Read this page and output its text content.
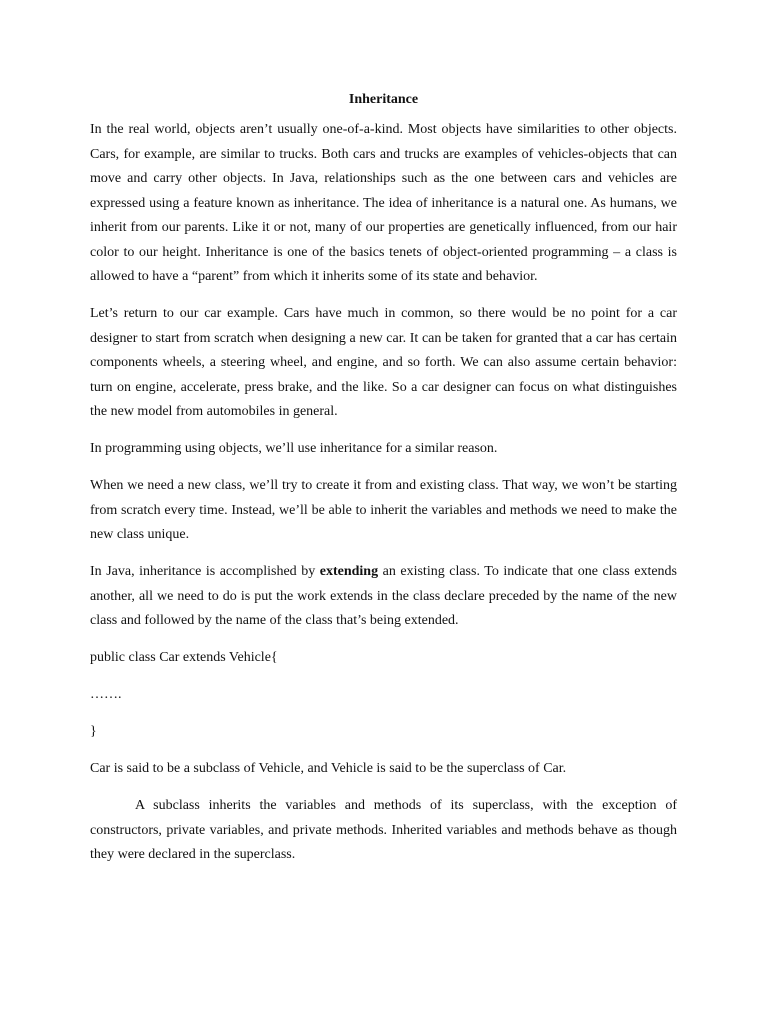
Inheritance

In the real world, objects aren’t usually one-of-a-kind. Most objects have similarities to other objects. Cars, for example, are similar to trucks. Both cars and trucks are examples of vehicles-objects that can move and carry other objects. In Java, relationships such as the one between cars and vehicles are expressed using a feature known as inheritance. The idea of inheritance is a natural one. As humans, we inherit from our parents. Like it or not, many of our properties are genetically influenced, from our hair color to our height. Inheritance is one of the basics tenets of object-oriented programming – a class is allowed to have a “parent” from which it inherits some of its state and behavior.

Let’s return to our car example. Cars have much in common, so there would be no point for a car designer to start from scratch when designing a new car. It can be taken for granted that a car has certain components wheels, a steering wheel, and engine, and so forth. We can also assume certain behavior: turn on engine, accelerate, press brake, and the like. So a car designer can focus on what distinguishes the new model from automobiles in general.

In programming using objects, we’ll use inheritance for a similar reason.

When we need a new class, we’ll try to create it from and existing class. That way, we won’t be starting from scratch every time. Instead, we’ll be able to inherit the variables and methods we need to make the new class unique.

In Java, inheritance is accomplished by extending an existing class. To indicate that one class extends another, all we need to do is put the work extends in the class declare preceded by the name of the new class and followed by the name of the class that’s being extended.

public class Car extends Vehicle{
…….
}

Car is said to be a subclass of Vehicle, and Vehicle is said to be the superclass of Car.

A subclass inherits the variables and methods of its superclass, with the exception of constructors, private variables, and private methods. Inherited variables and methods behave as though they were declared in the superclass.
